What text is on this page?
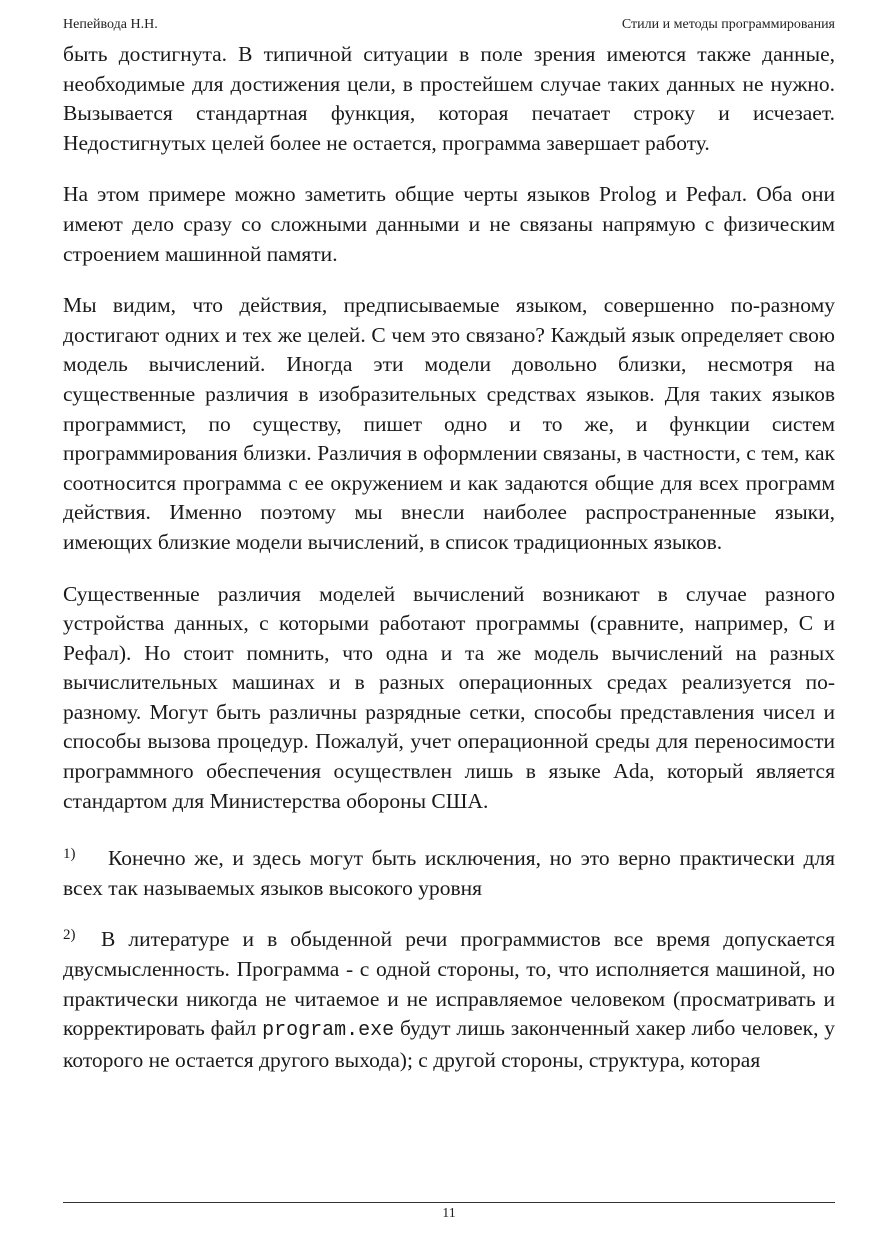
Непейвода Н.Н.	Стили и методы программирования

быть достигнута. В типичной ситуации в поле зрения имеются также данные, необходимые для достижения цели, в простейшем случае таких данных не нужно. Вызывается стандартная функция, которая печатает строку и исчезает. Недостигнутых целей более не остается, программа завершает работу.

На этом примере можно заметить общие черты языков Prolog и Рефал. Оба они имеют дело сразу со сложными данными и не связаны напрямую с физическим строением машинной памяти.

Мы видим, что действия, предписываемые языком, совершенно по-разному достигают одних и тех же целей. С чем это связано? Каждый язык определяет свою модель вычислений. Иногда эти модели довольно близки, несмотря на существенные различия в изобразительных средствах языков. Для таких языков программист, по существу, пишет одно и то же, и функции систем программирования близки. Различия в оформлении связаны, в частности, с тем, как соотносится программа с ее окружением и как задаются общие для всех программ действия. Именно поэтому мы внесли наиболее распространенные языки, имеющих близкие модели вычислений, в список традиционных языков.

Существенные различия моделей вычислений возникают в случае разного устройства данных, с которыми работают программы (сравните, например, C и Рефал). Но стоит помнить, что одна и та же модель вычислений на разных вычислительных машинах и в разных операционных средах реализуется по-разному. Могут быть различны разрядные сетки, способы представления чисел и способы вызова процедур. Пожалуй, учет операционной среды для переносимости программного обеспечения осуществлен лишь в языке Ada, который является стандартом для Министерства обороны США.

1) Конечно же, и здесь могут быть исключения, но это верно практически для всех так называемых языков высокого уровня

2) В литературе и в обыденной речи программистов все время допускается двусмысленность. Программа - с одной стороны, то, что исполняется машиной, но практически никогда не читаемое и не исправляемое человеком (просматривать и корректировать файл program.exe будут лишь законченный хакер либо человек, у которого не остается другого выхода); с другой стороны, структура, которая

11
